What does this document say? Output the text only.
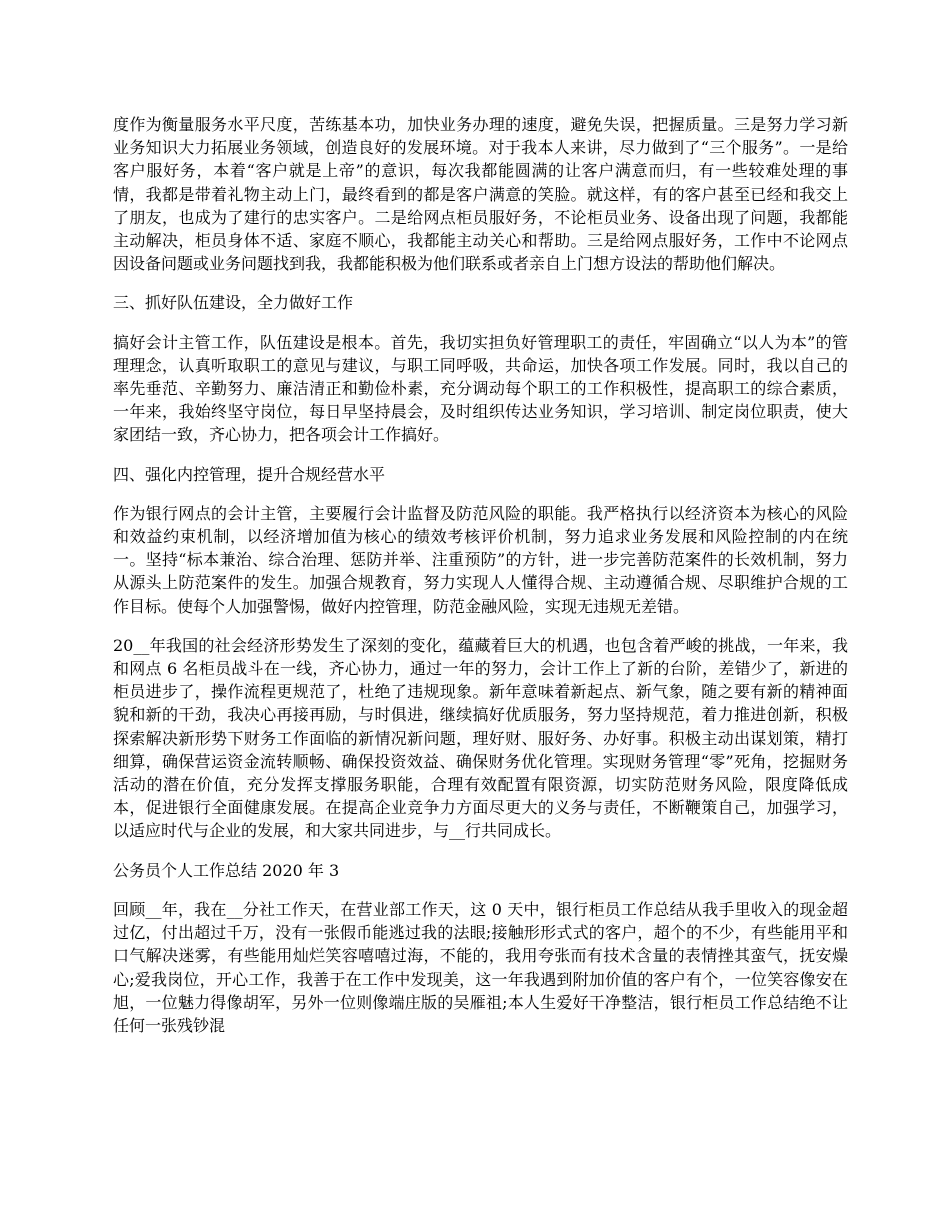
度作为衡量服务水平尺度，苦练基本功，加快业务办理的速度，避免失误，把握质量。三是努力学习新业务知识大力拓展业务领域，创造良好的发展环境。对于我本人来讲，尽力做到了“三个服务”。一是给客户服好务，本着“客户就是上帝”的意识，每次我都能圆满的让客户满意而归，有一些较难处理的事情，我都是带着礼物主动上门，最终看到的都是客户满意的笑脸。就这样，有的客户甚至已经和我交上了朋友，也成为了建行的忠实客户。二是给网点柜员服好务，不论柜员业务、设备出现了问题，我都能主动解决，柜员身体不适、家庭不顺心，我都能主动关心和帮助。三是给网点服好务，工作中不论网点因设备问题或业务问题找到我，我都能积极为他们联系或者亲自上门想方设法的帮助他们解决。

三、抓好队伍建设，全力做好工作

搞好会计主管工作，队伍建设是根本。首先，我切实担负好管理职工的责任，牢固确立“以人为本”的管理理念，认真听取职工的意见与建议，与职工同呼吸，共命运，加快各项工作发展。同时，我以自己的率先垂范、辛勤努力、廉洁清正和勤俭朴素，充分调动每个职工的工作积极性，提高职工的综合素质，一年来，我始终坚守岗位，每日早坚持晨会，及时组织传达业务知识，学习培训、制定岗位职责，使大家团结一致，齐心协力，把各项会计工作搞好。

四、强化内控管理，提升合规经营水平

作为银行网点的会计主管，主要履行会计监督及防范风险的职能。我严格执行以经济资本为核心的风险和效益约束机制，以经济增加值为核心的绩效考核评价机制，努力追求业务发展和风险控制的内在统一。坚持“标本兼治、综合治理、惩防并举、注重预防”的方针，进一步完善防范案件的长效机制，努力从源头上防范案件的发生。加强合规教育，努力实现人人懂得合规、主动遵循合规、尽职维护合规的工作目标。使每个人加强警惕，做好内控管理，防范金融风险，实现无违规无差错。

20__年我国的社会经济形势发生了深刻的变化，蕴藏着巨大的机遇，也包含着严峻的挑战，一年来，我和网点 6 名柜员战斗在一线，齐心协力，通过一年的努力，会计工作上了新的台阶，差错少了，新进的柜员进步了，操作流程更规范了，杜绝了违规现象。新年意味着新起点、新气象，随之要有新的精神面貌和新的干劲，我决心再接再励，与时俱进，继续搞好优质服务，努力坚持规范，着力推进创新，积极探索解决新形势下财务工作面临的新情况新问题，理好财、服好务、办好事。积极主动出谋划策，精打细算，确保营运资金流转顺畅、确保投资效益、确保财务优化管理。实现财务管理“零”死角，挖掘财务活动的潜在价值，充分发挥支撑服务职能，合理有效配置有限资源，切实防范财务风险，限度降低成本，促进银行全面健康发展。在提高企业竞争力方面尽更大的义务与责任，不断鞭策自己，加强学习，以适应时代与企业的发展，和大家共同进步，与__行共同成长。

公务员个人工作总结 2020 年 3

回顾__年，我在__分社工作天，在营业部工作天，这 0 天中，银行柜员工作总结从我手里收入的现金超过亿，付出超过千万，没有一张假币能逃过我的法眼;接触形形式式的客户，超个的不少，有些能用平和口气解决迷雾，有些能用灿烂笑容嘻嘻过海，不能的，我用夸张而有技术含量的表情挫其蛮气，抚安燥心;爱我岗位，开心工作，我善于在工作中发现美，这一年我遇到附加价值的客户有个，一位笑容像安在旭，一位魅力得像胡军，另外一位则像端庄版的吴雁祖;本人生爱好干净整洁，银行柜员工作总结绝不让任何一张残钞混
